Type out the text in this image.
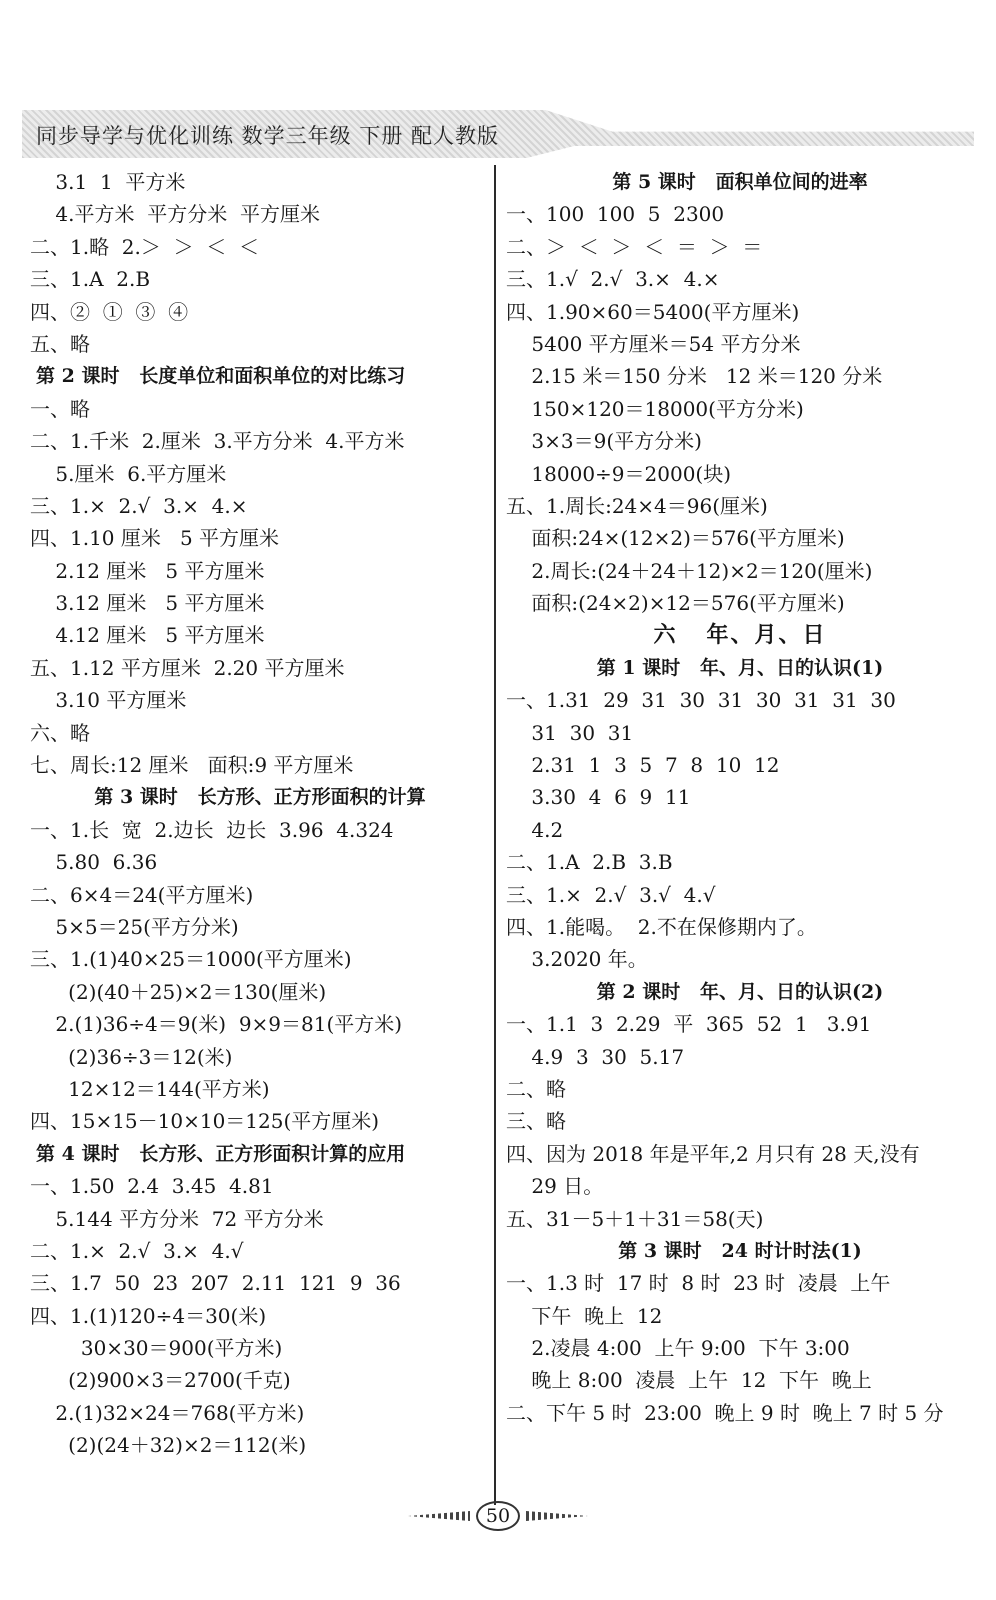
同步导学与优化训练 数学三年级 下册 配人教版
3.1  1  平方米
4.平方米  平方分米  平方厘米
二、1.略  2.＞  ＞  ＜  ＜
三、1.A  2.B
四、②  ①  ③  ④
五、略
第 2 课时   长度单位和面积单位的对比练习
一、略
二、1.千米  2.厘米  3.平方分米  4.平方米
5.厘米  6.平方厘米
三、1.×  2.√  3.×  4.×
四、1.10 厘米   5 平方厘米
2.12 厘米   5 平方厘米
3.12 厘米   5 平方厘米
4.12 厘米   5 平方厘米
五、1.12 平方厘米  2.20 平方厘米
3.10 平方厘米
六、略
七、周长:12 厘米   面积:9 平方厘米
第 3 课时   长方形、正方形面积的计算
一、1.长  宽  2.边长  边长  3.96  4.324
5.80  6.36
二、6×4＝24(平方厘米)
5×5＝25(平方分米)
三、1.(1)40×25＝1000(平方厘米)
(2)(40＋25)×2＝130(厘米)
2.(1)36÷4＝9(米)  9×9＝81(平方米)
(2)36÷3＝12(米)
12×12＝144(平方米)
四、15×15－10×10＝125(平方厘米)
第 4 课时   长方形、正方形面积计算的应用
一、1.50  2.4  3.45  4.81
5.144 平方分米  72 平方分米
二、1.×  2.√  3.×  4.√
三、1.7  50  23  207  2.11  121  9  36
四、1.(1)120÷4＝30(米)
30×30＝900(平方米)
(2)900×3＝2700(千克)
2.(1)32×24＝768(平方米)
(2)(24＋32)×2＝112(米)
第 5 课时   面积单位间的进率
一、100  100  5  2300
二、＞  ＜  ＞  ＜  ＝  ＞  ＝
三、1.√  2.√  3.×  4.×
四、1.90×60＝5400(平方厘米)
5400 平方厘米＝54 平方分米
2.15 米＝150 分米   12 米＝120 分米
150×120＝18000(平方分米)
3×3＝9(平方分米)
18000÷9＝2000(块)
五、1.周长:24×4＝96(厘米)
面积:24×(12×2)＝576(平方厘米)
2.周长:(24＋24＋12)×2＝120(厘米)
面积:(24×2)×12＝576(平方厘米)
六   年、月、日
第 1 课时   年、月、日的认识(1)
一、1.31  29  31  30  31  30  31  31  30
31  30  31
2.31  1  3  5  7  8  10  12
3.30  4  6  9  11
4.2
二、1.A  2.B  3.B
三、1.×  2.√  3.√  4.√
四、1.能喝。  2.不在保修期内了。
3.2020 年。
第 2 课时   年、月、日的认识(2)
一、1.1  3  2.29  平  365  52  1   3.91
4.9  3  30  5.17
二、略
三、略
四、因为 2018 年是平年,2 月只有 28 天,没有
29 日。
五、31－5＋1＋31＝58(天)
第 3 课时   24 时计时法(1)
一、1.3 时  17 时  8 时  23 时  凌晨  上午
下午  晚上  12
2.凌晨 4:00  上午 9:00  下午 3:00
晚上 8:00  凌晨  上午  12  下午  晚上
二、下午 5 时  23:00  晚上 9 时  晚上 7 时 5 分
50
